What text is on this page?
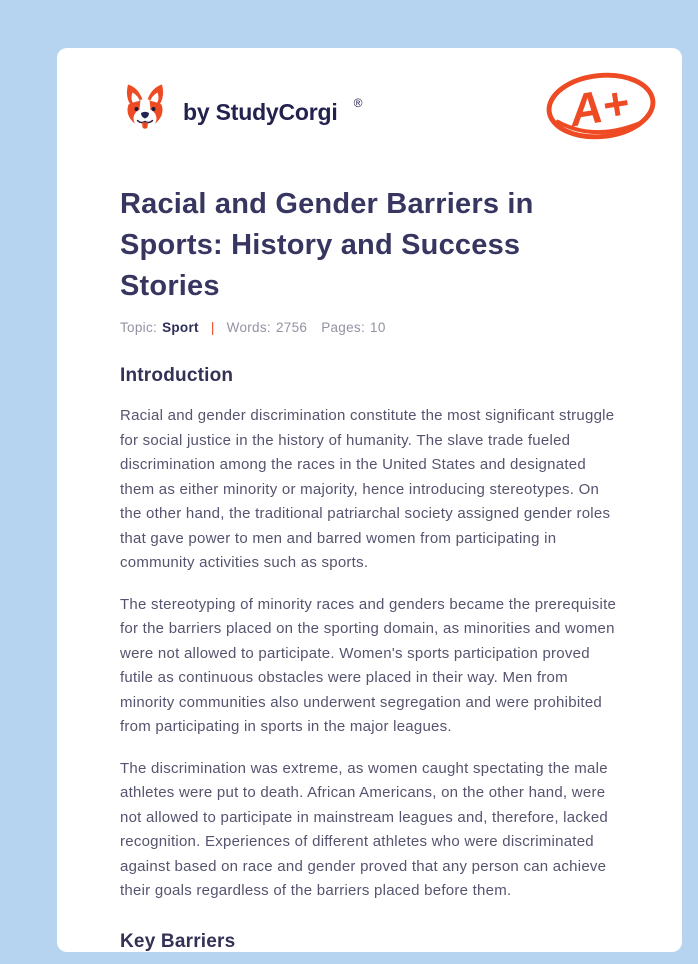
by StudyCorgi ®	A+
Racial and Gender Barriers in Sports: History and Success Stories
Topic: Sport | Words: 2756 Pages: 10
Introduction

Racial and gender discrimination constitute the most significant struggle for social justice in the history of humanity. The slave trade fueled discrimination among the races in the United States and designated them as either minority or majority, hence introducing stereotypes. On the other hand, the traditional patriarchal society assigned gender roles that gave power to men and barred women from participating in community activities such as sports.

The stereotyping of minority races and genders became the prerequisite for the barriers placed on the sporting domain, as minorities and women were not allowed to participate. Women's sports participation proved futile as continuous obstacles were placed in their way. Men from minority communities also underwent segregation and were prohibited from participating in sports in the major leagues.

The discrimination was extreme, as women caught spectating the male athletes were put to death. African Americans, on the other hand, were not allowed to participate in mainstream leagues and, therefore, lacked recognition. Experiences of different athletes who were discriminated against based on race and gender proved that any person can achieve their goals regardless of the barriers placed before them.

Key Barriers
